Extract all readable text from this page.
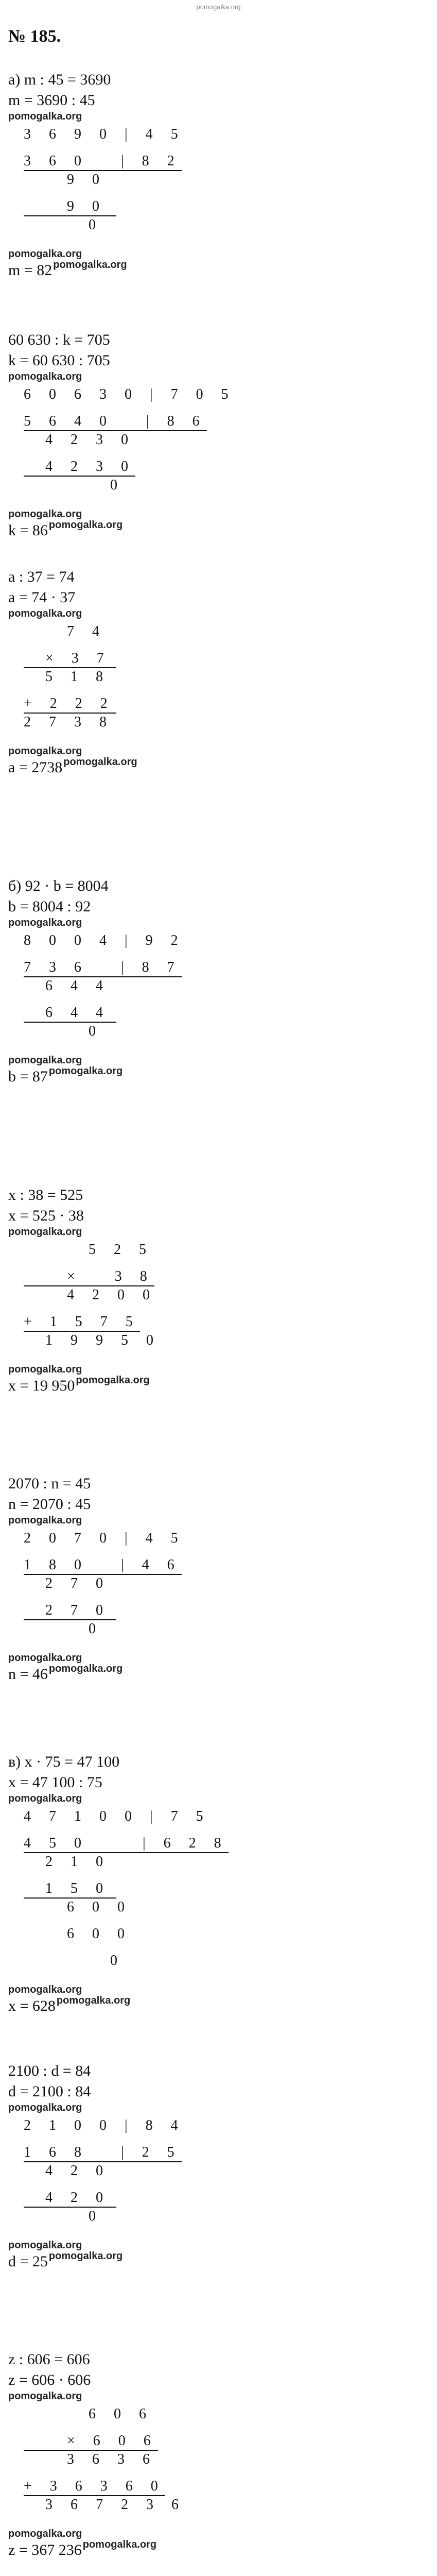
pomogalka.org
№ 185.
а) m : 45 = 3690
m = 3690 : 45
pomogalka.org
3 6 9 0 | 4 5

3 6 0   | 8 2

9 0

9 0

0

pomogalka.org
m = 82 $^{pomogalka.org}$
60 630 : k = 705
k = 60 630 : 705
pomogalka.org
6 0 6 3 0 | 7 0 5

5 6 4 0   | 8 6

4 2 3 0

4 2 3 0

0

pomogalka.org
k = 86 $^{pomogalka.org}$
a : 37 = 74
a = 74 · 37
pomogalka.org
7 4

× 3 7

5 1 8

+ 2 2 2

2 7 3 8

pomogalka.org
a = 2738 $^{pomogalka.org}$
б) 92 · b = 8004
b = 8004 : 92
pomogalka.org
8 0 0 4 | 9 2

7 3 6   | 8 7

6 4 4

6 4 4

0

pomogalka.org
b = 87 $^{pomogalka.org}$
x : 38 = 525
x = 525 · 38
pomogalka.org
5 2 5

×   3 8

4 2 0 0

+ 1 5 7 5

1 9 9 5 0

pomogalka.org
x = 19 950 $^{pomogalka.org}$
2070 : n = 45
n = 2070 : 45
pomogalka.org
2 0 7 0 | 4 5

1 8 0   | 4 6

2 7 0

2 7 0

0

pomogalka.org
n = 46 $^{pomogalka.org}$
в) x · 75 = 47 100
x = 47 100 : 75
pomogalka.org
4 7 1 0 0 | 7 5

4 5 0     | 6 2 8

2 1 0

1 5 0

6 0 0

6 0 0

0

pomogalka.org
x = 628 $^{pomogalka.org}$
2100 : d = 84
d = 2100 : 84
pomogalka.org
2 1 0 0 | 8 4

1 6 8   | 2 5

4 2 0

4 2 0

0

pomogalka.org
d = 25 $^{pomogalka.org}$
z : 606 = 606
z = 606 · 606
pomogalka.org
6 0 6

× 6 0 6

3 6 3 6

+ 3 6 3 6 0

3 6 7 2 3 6

pomogalka.org
z = 367 236 $^{pomogalka.org}$
